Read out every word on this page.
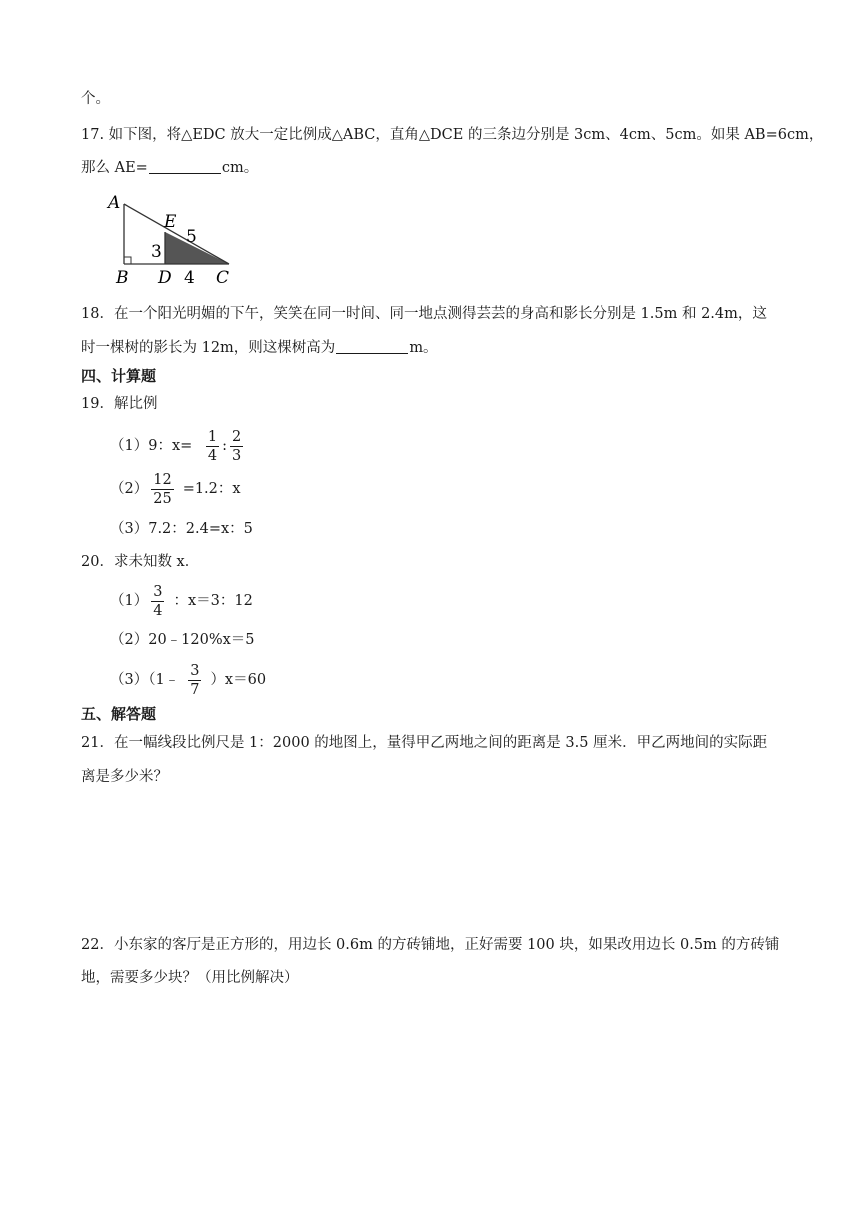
个。
17. 如下图，将△EDC 放大一定比例成△ABC，直角△DCE 的三条边分别是 3cm、4cm、5cm。如果 AB=6cm，
那么 AE=	cm。
A
B D	C
E
3
4
5
18．在一个阳光明媚的下午，笑笑在同一时间、同一地点测得芸芸的身高和影长分别是 1.5m 和 2.4m，这
时一棵树的影长为 12m，则这棵树高为	m。
四、计算题
19．解比例
（1）9：$x= \frac{1}{4}$ : $\frac{2}{3}$
$(2) \frac{12}{25} =1.2$：x
（3）7.2：2.4=x：5
20．求未知数 x．
$(1) \frac{3}{4}$ ：x＝3：12
（2）20﹣120%x＝5
（3）（1﹣ $\frac{3}{7} )x=60$
五、解答题
21．在一幅线段比例尺是 1：2000 的地图上，量得甲乙两地之间的距离是 3.5 厘米．甲乙两地间的实际距
离是多少米？
22．小东家的客厅是正方形的，用边长 0.6m 的方砖铺地，正好需要 100 块，如果改用边长 0.5m 的方砖铺
地，需要多少块？（用比例解决）
